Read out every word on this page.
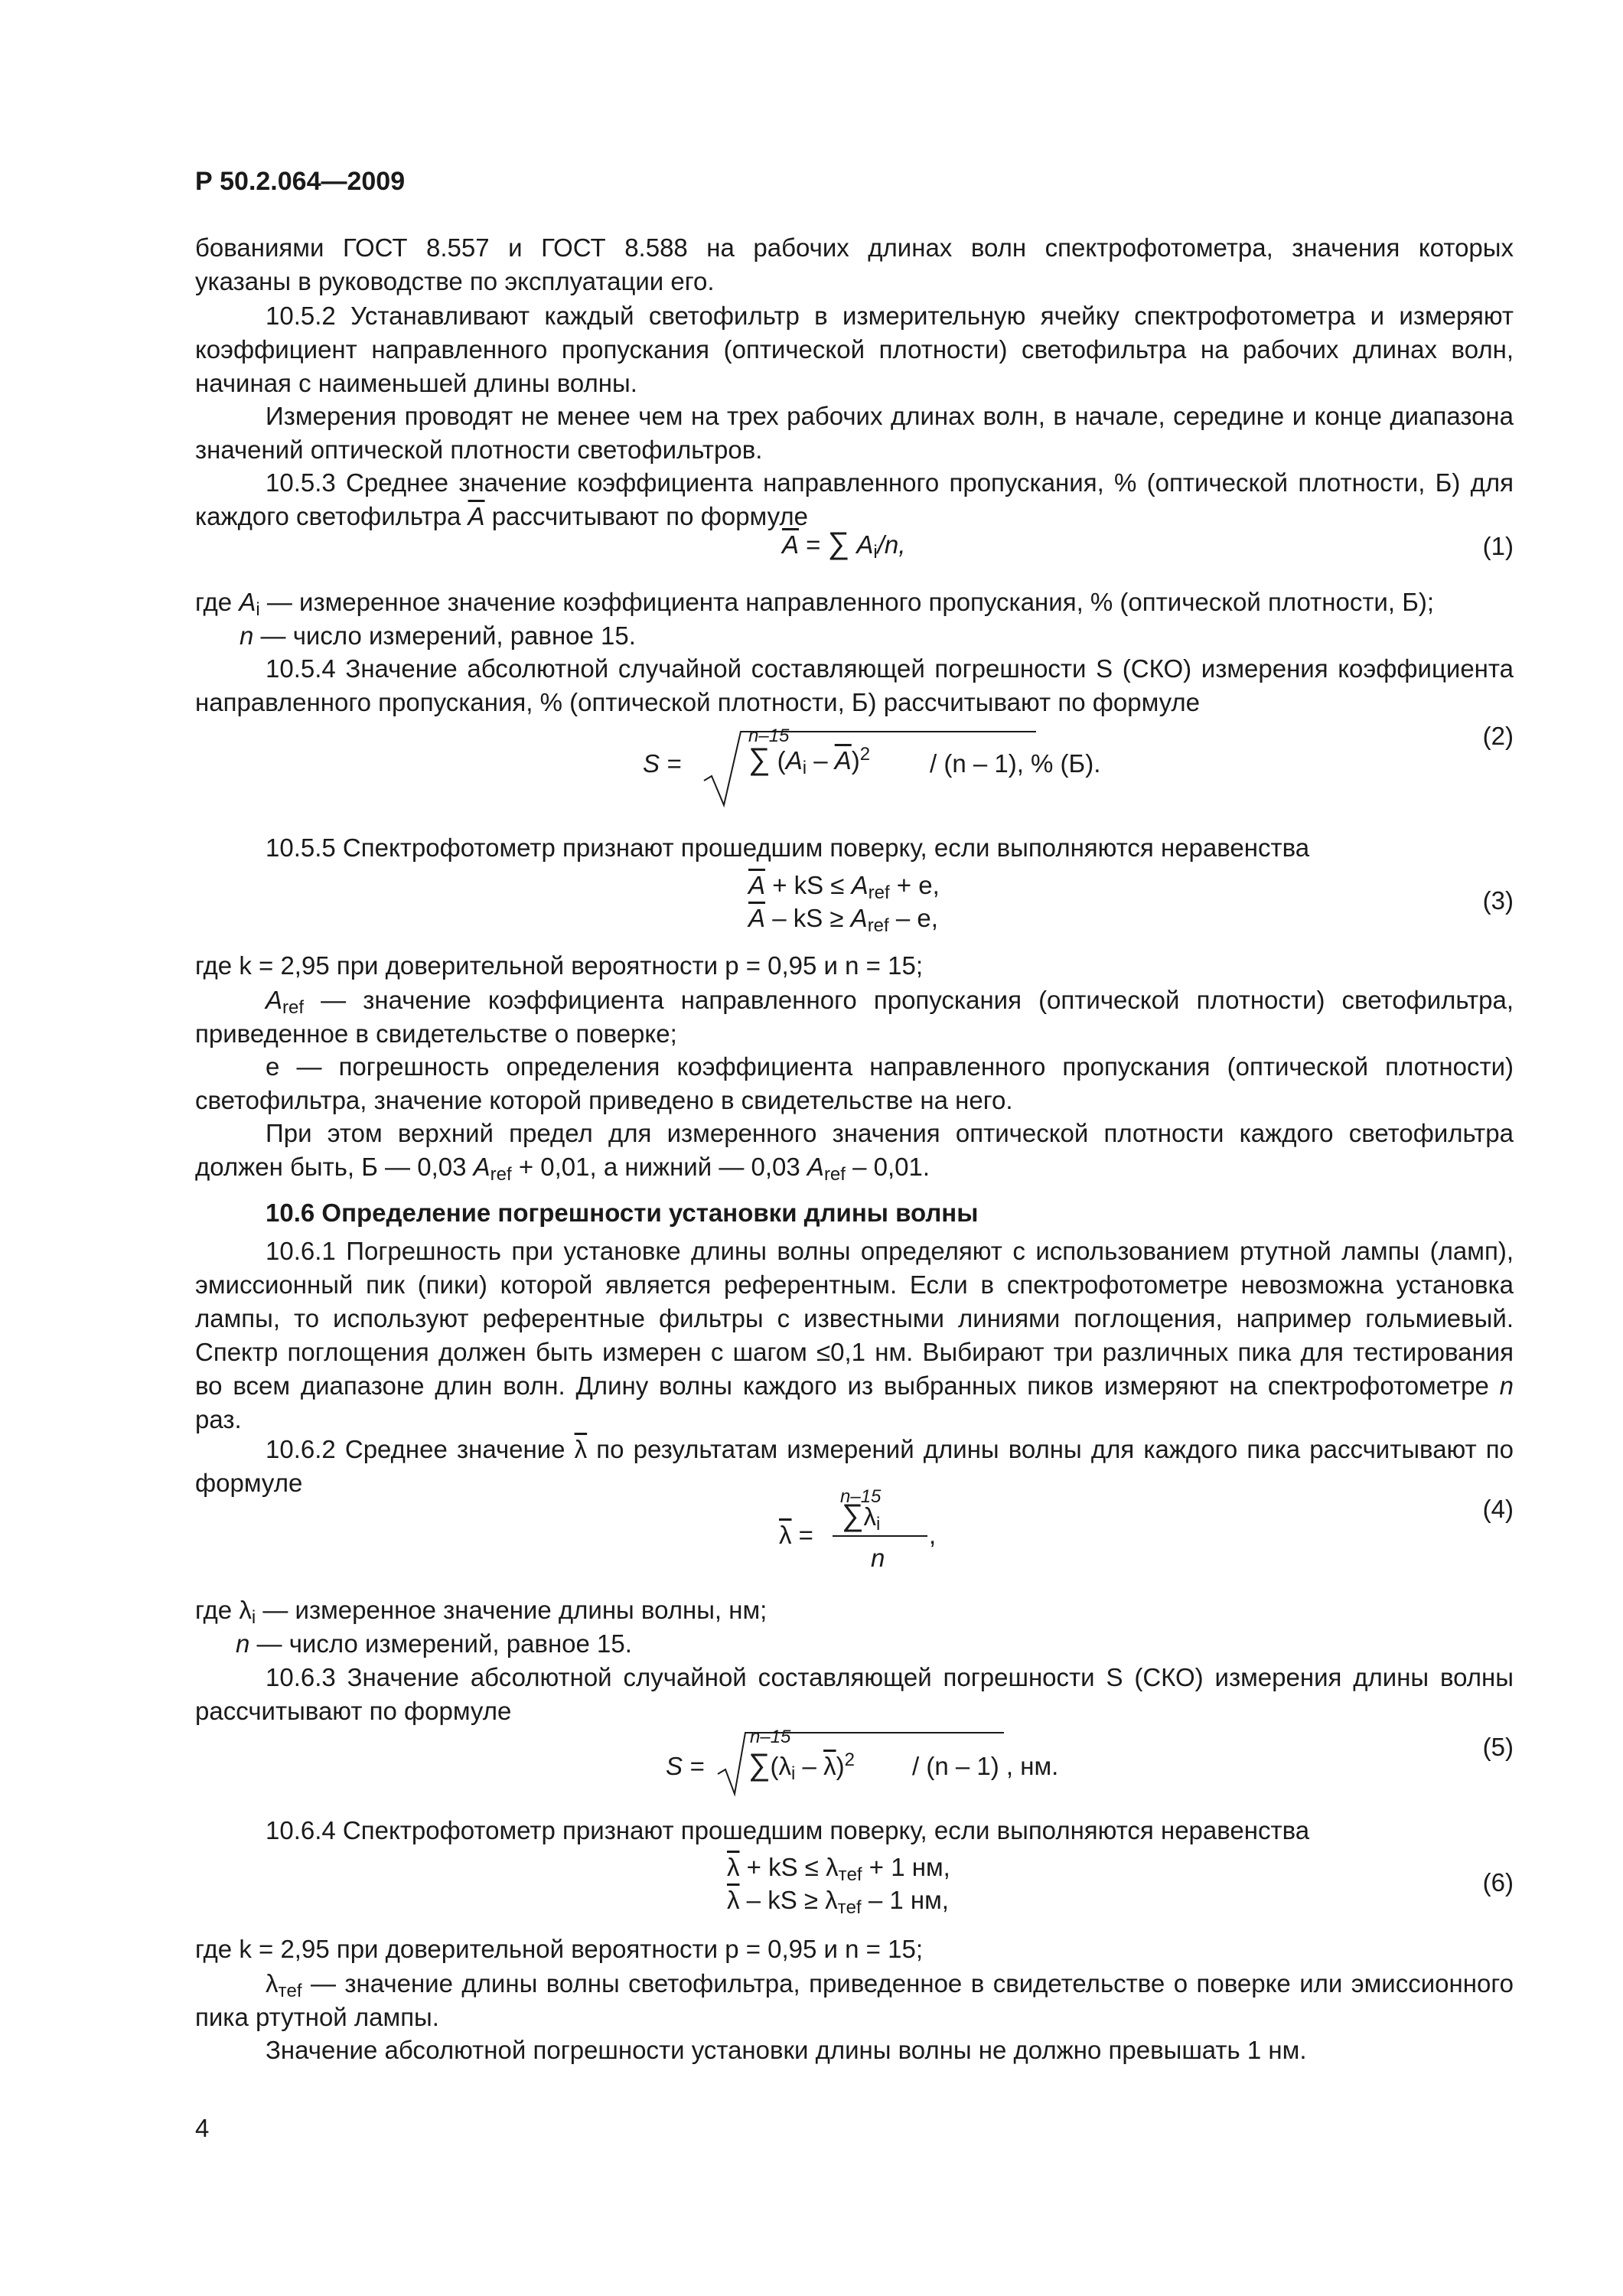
Р 50.2.064—2009
бованиями ГОСТ 8.557 и ГОСТ 8.588 на рабочих длинах волн спектрофотометра, значения которых
указаны в руководстве по эксплуатации его.

10.5.2 Устанавливают каждый светофильтр в измерительную ячейку спектрофотометра и измеряют коэффициент направленного пропускания (оптической плотности) светофильтра на рабочих длинах волн, начиная с наименьшей длины волны.

Измерения проводят не менее чем на трех рабочих длинах волн, в начале, середине и конце диапазона значений оптической плотности светофильтров.

10.5.3 Среднее значение коэффициента направленного пропускания, % (оптической плотности, Б) для каждого светофильтра $\overline{A}$ рассчитывают по формуле

$\overline{A}$ = ∑ $A_i/n$,	(1)
где $A_i$ — измеренное значение коэффициента направленного пропускания, % (оптической плотности, Б);
n — число измерений, равное 15.

10.5.4 Значение абсолютной случайной составляющей погрешности S (СКО) измерения коэффициента направленного пропускания, % (оптической плотности, Б) рассчитывают по формуле

S =
n–15
∑ $(A_i - \overline{A})^2 / (n - 1)$, % (Б).
(2)
10.5.5 Спектрофотометр признают прошедшим поверку, если выполняются неравенства
$\overline{A}$ + kS ≤ $A_{ref} + e$,
$\overline{A}$ – kS ≥ $A_{ref}$ – e,
(3)
где k = 2,95 при доверительной вероятности p = 0,95 и n = 15;

$A_{ref}$ — значение коэффициента направленного пропускания (оптической плотности) светофильтра, приведенное в свидетельстве о поверке;

е — погрешность определения коэффициента направленного пропускания (оптической плотности) светофильтра, значение которой приведено в свидетельстве на него.

При этом верхний предел для измеренного значения оптической плотности каждого светофильтра
должен быть, Б — 0,03 $A_{ref} + 0,01$, а нижний — 0,03 $A_{ref} - 0,01$.
10.6 Определение погрешности установки длины волны

10.6.1 Погрешность при установке длины волны определяют с использованием ртутной лампы (ламп), эмиссионный пик (пики) которой является референтным. Если в спектрофотометре невозможна установка лампы, то используют референтные фильтры с известными линиями поглощения, например гольмиевый. Спектр поглощения должен быть измерен с шагом ≤0,1 нм. Выбирают три различных пика для тестирования во всем диапазоне длин волн. Длину волны каждого из выбранных пиков измеряют на спектрофотометре n раз.

10.6.2 Среднее значение $\overline{\lambda}$ по результатам измерений длины волны для каждого пика рассчитывают по формуле

$\overline{\lambda}$ =
n–15
$\sum\lambda_i$
n
,
(4)
где $\lambda_i$ — измеренное значение длины волны, нм;
n — число измерений, равное 15.

10.6.3 Значение абсолютной случайной составляющей погрешности S (СКО) измерения длины волны рассчитывают по формуле

S =
n–15
$\sum(\lambda_i - \overline{\lambda})^2 / (n - 1)$ , нм.
(5)
10.6.4 Спектрофотометр признают прошедшим поверку, если выполняются неравенства
$\overline{\lambda}$ + kS ≤ $\lambda_{тef} + 1$ нм,
$\overline{\lambda}$ – kS ≥ $\lambda_{тef} - 1$ нм,
(6)
где k = 2,95 при доверительной вероятности p = 0,95 и n = 15;

$\lambda_{тef}$ — значение длины волны светофильтра, приведенное в свидетельстве о поверке или эмиссионного пика ртутной лампы.

Значение абсолютной погрешности установки длины волны не должно превышать 1 нм.
4
